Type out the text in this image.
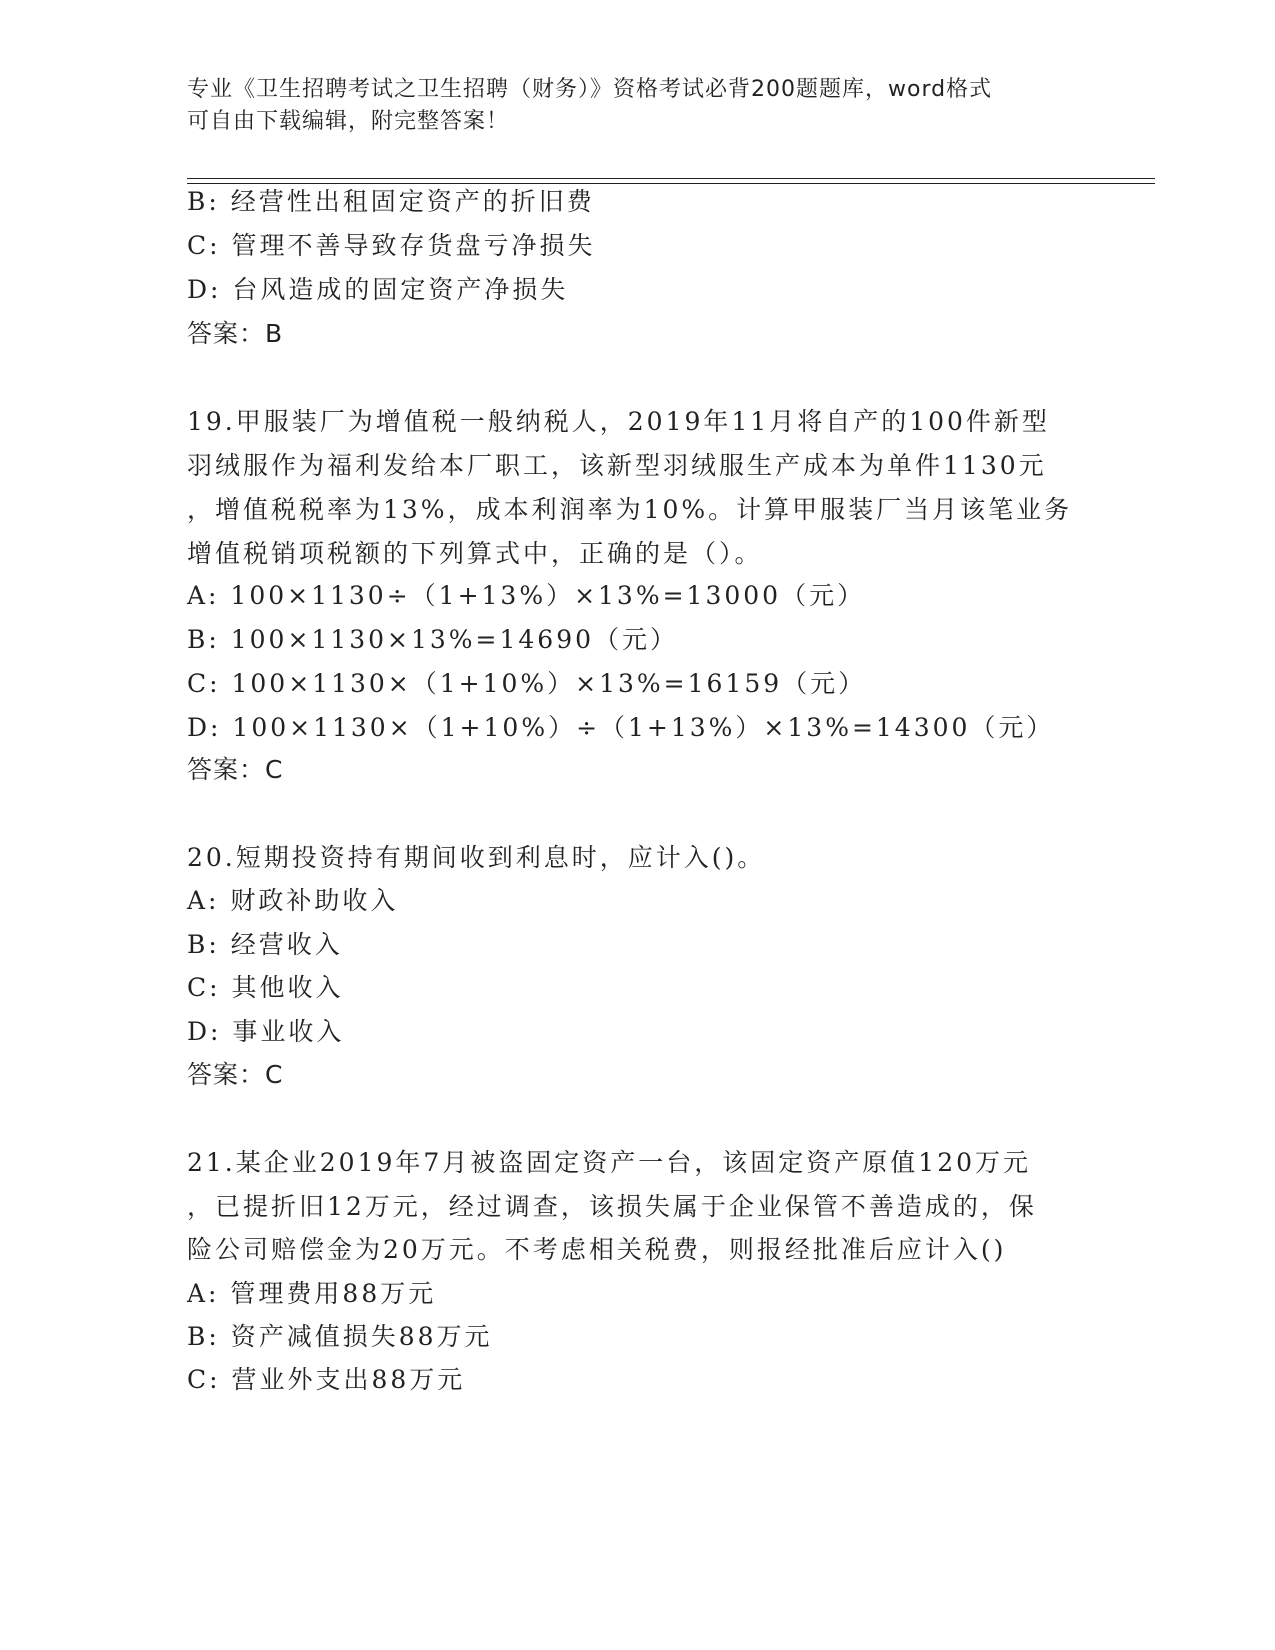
专业《卫生招聘考试之卫生招聘（财务）》资格考试必背200题题库，word格式
可自由下载编辑，附完整答案！
B: 经营性出租固定资产的折旧费
C: 管理不善导致存货盘亏净损失
D: 台风造成的固定资产净损失
答案：B
19.甲服装厂为增值税一般纳税人，2019年11月将自产的100件新型
羽绒服作为福利发给本厂职工，该新型羽绒服生产成本为单件1130元
，增值税税率为13%，成本利润率为10%。计算甲服装厂当月该笔业务
增值税销项税额的下列算式中，正确的是（）。
A: 100×1130÷（1+13%）×13%=13000（元）
B: 100×1130×13%=14690（元）
C: 100×1130×（1+10%）×13%=16159（元）
D: 100×1130×（1+10%）÷（1+13%）×13%=14300（元）
答案：C
20.短期投资持有期间收到利息时，应计入()。
A: 财政补助收入
B: 经营收入
C: 其他收入
D: 事业收入
答案：C
21.某企业2019年7月被盗固定资产一台，该固定资产原值120万元
，已提折旧12万元，经过调查，该损失属于企业保管不善造成的，保
险公司赔偿金为20万元。不考虑相关税费，则报经批准后应计入()
A: 管理费用88万元
B: 资产减值损失88万元
C: 营业外支出88万元
